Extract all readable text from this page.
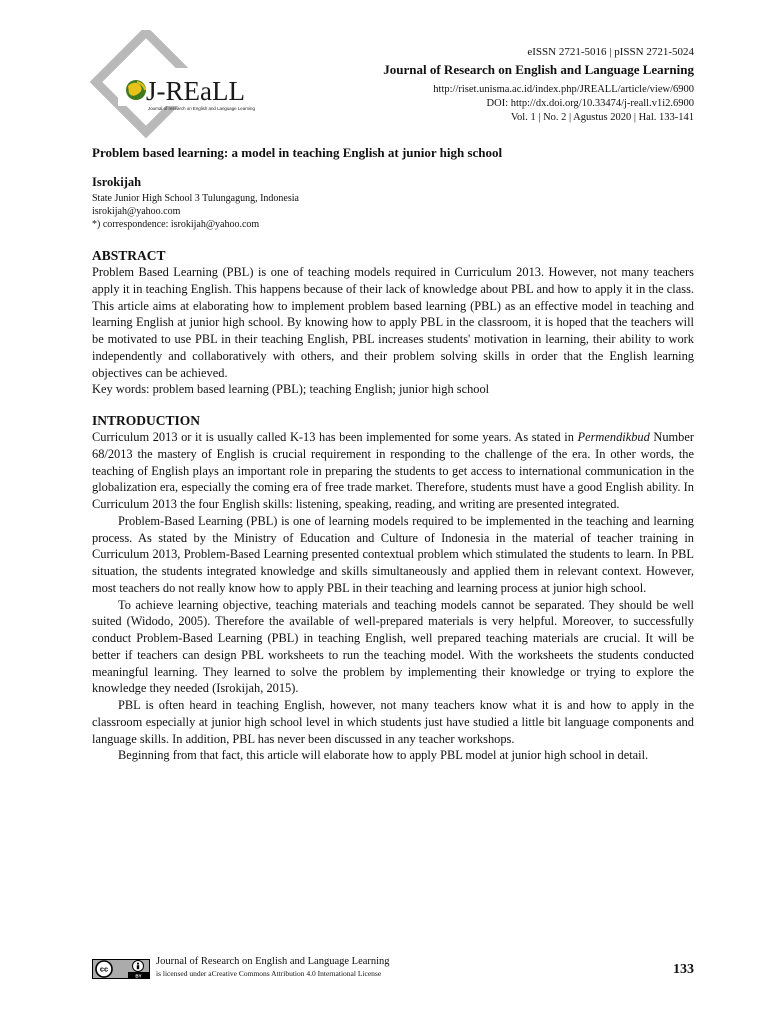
J-REaLL
Journal of research on English and Language Learning
eISSN 2721-5016 | pISSN 2721-5024
Journal of Research on English and Language Learning
http://riset.unisma.ac.id/index.php/JREALL/article/view/6900
DOI: http://dx.doi.org/10.33474/j-reall.v1i2.6900
Vol. 1 | No. 2 | Agustus 2020 | Hal. 133-141
Problem based learning: a model in teaching English at junior high school
Isrokijah
State Junior High School 3 Tulungagung, Indonesia
isrokijah@yahoo.com
*) correspondence: isrokijah@yahoo.com
ABSTRACT

Problem Based Learning (PBL) is one of teaching models required in Curriculum 2013. However, not many teachers apply it in teaching English. This happens because of their lack of knowledge about PBL and how to apply it in the class. This article aims at elaborating how to implement problem based learning (PBL) as an effective model in teaching and learning English at junior high school. By knowing how to apply PBL in the classroom, it is hoped that the teachers will be motivated to use PBL in their teaching English, PBL increases students' motivation in learning, their ability to work independently and collaboratively with others, and their problem solving skills in order that the English learning objectives can be achieved.

Key words: problem based learning (PBL); teaching English; junior high school

INTRODUCTION

Curriculum 2013 or it is usually called K-13 has been implemented for some years. As stated in Permendikbud Number 68/2013 the mastery of English is crucial requirement in responding to the challenge of the era. In other words, the teaching of English plays an important role in preparing the students to get access to international communication in the globalization era, especially the coming era of free trade market. Therefore, students must have a good English ability. In Curriculum 2013 the four English skills: listening, speaking, reading, and writing are presented integrated.

Problem-Based Learning (PBL) is one of learning models required to be implemented in the teaching and learning process. As stated by the Ministry of Education and Culture of Indonesia in the material of teacher training in Curriculum 2013, Problem-Based Learning presented contextual problem which stimulated the students to learn. In PBL situation, the students integrated knowledge and skills simultaneously and applied them in relevant context. However, most teachers do not really know how to apply PBL in their teaching and learning process at junior high school.

To achieve learning objective, teaching materials and teaching models cannot be separated. They should be well suited (Widodo, 2005). Therefore the available of well-prepared materials is very helpful. Moreover, to successfully conduct Problem-Based Learning (PBL) in teaching English, well prepared teaching materials are crucial. It will be better if teachers can design PBL worksheets to run the teaching model. With the worksheets the students conducted meaningful learning. They learned to solve the problem by implementing their knowledge or trying to explore the knowledge they needed (Isrokijah, 2015).

PBL is often heard in teaching English, however, not many teachers know what it is and how to apply in the classroom especially at junior high school level in which students just have studied a little bit language components and language skills. In addition, PBL has never been discussed in any teacher workshops.

Beginning from that fact, this article will elaborate how to apply PBL model at junior high school in detail.

cc
BY
Journal of Research on English and Language Learning
is licensed under aCreative Commons Attribution 4.0 International License	133
